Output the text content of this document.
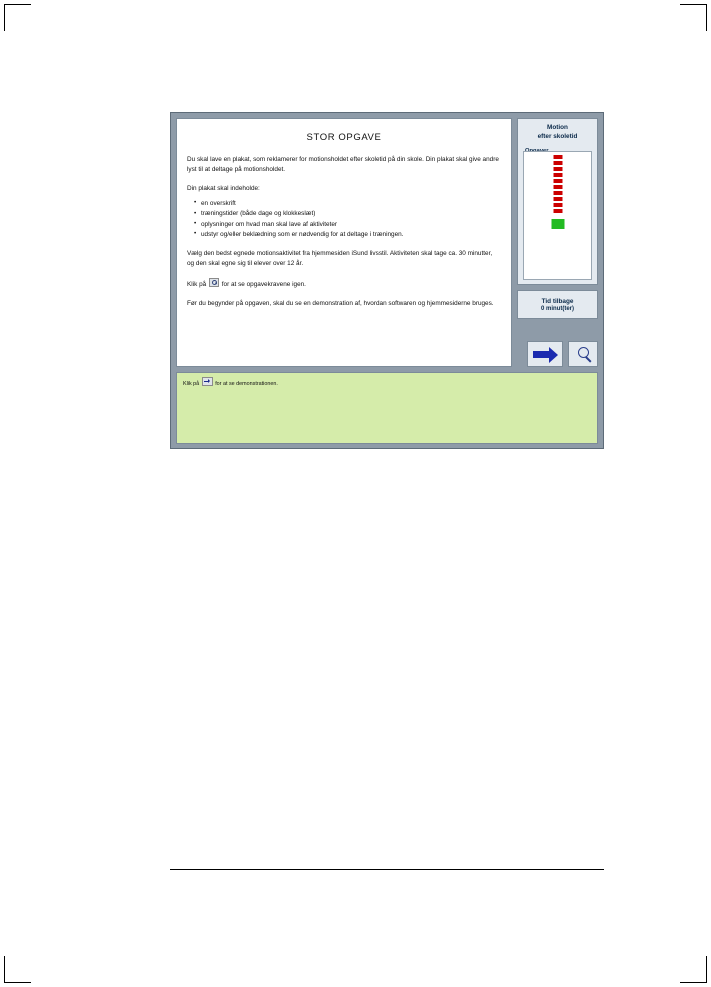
STOR OPGAVE

Du skal lave en plakat, som reklamerer for motionsholdet efter skoletid på din skole. Din plakat skal give andre lyst til at deltage på motionsholdet.

Din plakat skal indeholde:

• en overskrift
• træningstider (både dage og klokkeslæt)
• oplysninger om hvad man skal lave af aktiviteter
• udstyr og/eller beklædning som er nødvendig for at deltage i træningen.

Vælg den bedst egnede motionsaktivitet fra hjemmesiden iSund livsstil. Aktiviteten skal tage ca. 30 minutter, og den skal egne sig til elever over 12 år.

Klik på for at se opgavekravene igen.

Før du begynder på opgaven, skal du se en demonstration af, hvordan softwaren og hjemmesiderne bruges.

Motion
efter skoletid
Tid tilbage
0 minut(ter)
Klik på	for at se demonstrationen.
